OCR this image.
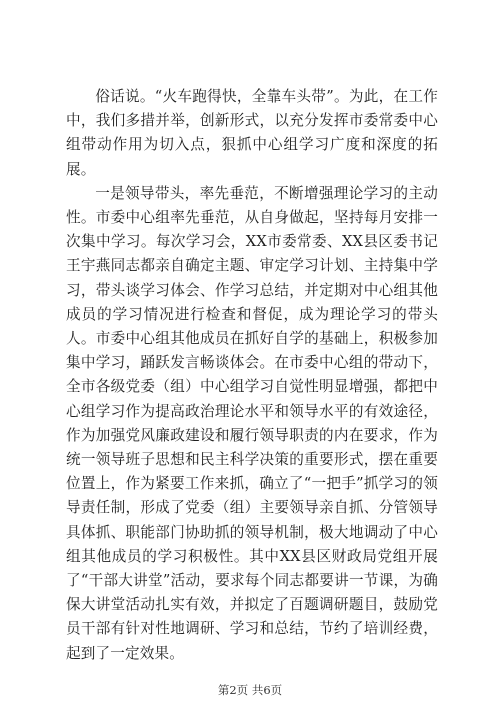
俗话说。“火车跑得快，全靠车头带”。为此，在工作中，我们多措并举，创新形式，以充分发挥市委常委中心组带动作用为切入点，狠抓中心组学习广度和深度的拓展。

一是领导带头，率先垂范，不断增强理论学习的主动性。市委中心组率先垂范，从自身做起，坚持每月安排一次集中学习。每次学习会，XX市委常委、XX县区委书记王宇燕同志都亲自确定主题、审定学习计划、主持集中学习，带头谈学习体会、作学习总结，并定期对中心组其他成员的学习情况进行检查和督促，成为理论学习的带头人。市委中心组其他成员在抓好自学的基础上，积极参加集中学习，踊跃发言畅谈体会。在市委中心组的带动下，全市各级党委（组）中心组学习自觉性明显增强，都把中心组学习作为提高政治理论水平和领导水平的有效途径，作为加强党风廉政建设和履行领导职责的内在要求，作为统一领导班子思想和民主科学决策的重要形式，摆在重要位置上，作为紧要工作来抓，确立了“一把手”抓学习的领导责任制，形成了党委（组）主要领导亲自抓、分管领导具体抓、职能部门协助抓的领导机制，极大地调动了中心组其他成员的学习积极性。其中XX县区财政局党组开展了“干部大讲堂”活动，要求每个同志都要讲一节课，为确保大讲堂活动扎实有效，并拟定了百题调研题目，鼓励党员干部有针对性地调研、学习和总结，节约了培训经费，起到了一定效果。

第2页 共6页
